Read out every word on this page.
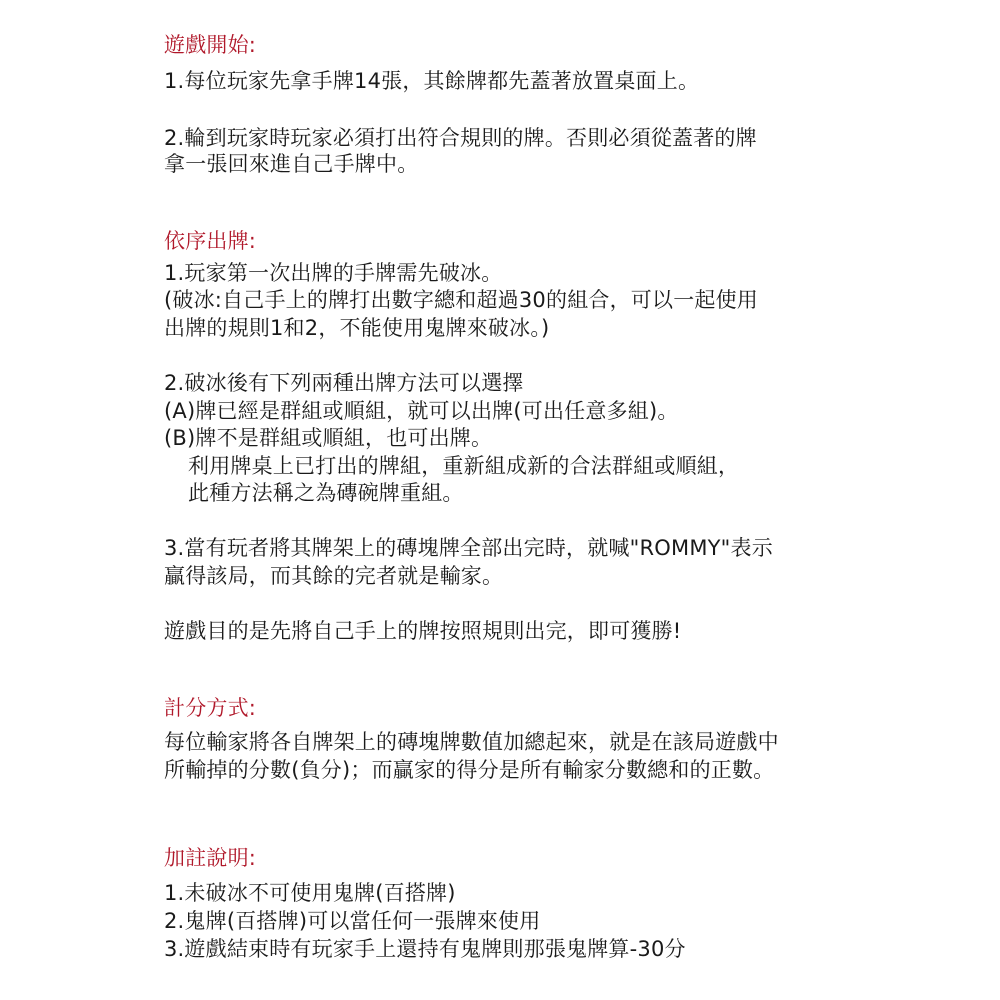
遊戲開始:
1.每位玩家先拿手牌14張，其餘牌都先蓋著放置桌面上。
2.輪到玩家時玩家必須打出符合規則的牌。否則必須從蓋著的牌
拿一張回來進自己手牌中。
依序出牌:
1.玩家第一次出牌的手牌需先破冰。
(破冰:自己手上的牌打出數字總和超過30的組合，可以一起使用
出牌的規則1和2，不能使用鬼牌來破冰。)
2.破冰後有下列兩種出牌方法可以選擇
(A)牌已經是群組或順組，就可以出牌(可出任意多組)。
(B)牌不是群組或順組，也可出牌。
利用牌桌上已打出的牌組，重新組成新的合法群組或順組，
此種方法稱之為磚碗牌重組。
3.當有玩者將其牌架上的磚塊牌全部出完時，就喊"ROMMY"表示
贏得該局，而其餘的完者就是輸家。
遊戲目的是先將自己手上的牌按照規則出完，即可獲勝!
計分方式:
每位輸家將各自牌架上的磚塊牌數值加總起來，就是在該局遊戲中
所輸掉的分數(負分)；而贏家的得分是所有輸家分數總和的正數。
加註說明:
1.未破冰不可使用鬼牌(百搭牌)
2.鬼牌(百搭牌)可以當任何一張牌來使用
3.遊戲結束時有玩家手上還持有鬼牌則那張鬼牌算-30分
